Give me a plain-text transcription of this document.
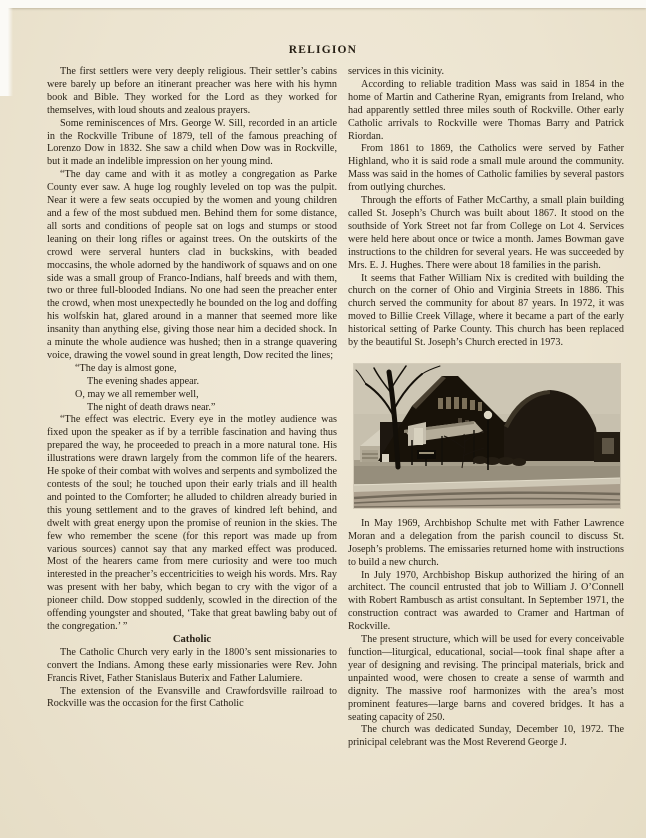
RELIGION

The first settlers were very deeply religious. Their settler’s cabins were barely up before an itinerant preacher was here with his hymn book and Bible. They worked for the Lord as they worked for themselves, with loud shouts and zealous prayers.

Some reminiscences of Mrs. George W. Sill, recorded in an article in the Rockville Tribune of 1879, tell of the famous preaching of Lorenzo Dow in 1832. She saw a child when Dow was in Rockville, but it made an indelible impression on her young mind.

“The day came and with it as motley a congregation as Parke County ever saw. A huge log roughly leveled on top was the pulpit. Near it were a few seats occupied by the women and young children and a few of the most subdued men. Behind them for some distance, all sorts and conditions of people sat on logs and stumps or stood leaning on their long rifles or against trees. On the outskirts of the crowd were serveral hunters clad in buckskins, with beaded moccasins, the whole adorned by the handiwork of squaws and on one side was a small group of Franco-Indians, half breeds and with them, two or three full-blooded Indians. No one had seen the preacher enter the crowd, when most unexpectedly he bounded on the log and doffing his wolfskin hat, glared around in a manner that seemed more like insanity than anything else, giving those near him a decided shock. In a minute the whole audience was hushed; then in a strange quavering voice, drawing the vowel sound in great length, Dow recited the lines;

“The day is almost gone,
The evening shades appear.
O, may we all remember well,
The night of death draws near.”

“The effect was electric. Every eye in the motley audience was fixed upon the speaker as if by a terrible fascination and having thus prepared the way, he proceeded to preach in a more natural tone. His illustrations were drawn largely from the common life of the hearers. He spoke of their combat with wolves and serpents and symbolized the contests of the soul; he touched upon their early trials and ill health and pointed to the Comforter; he alluded to children already buried in this young settlement and to the graves of kindred left behind, and dwelt with great energy upon the promise of reunion in the skies. The few who remember the scene (for this report was made up from various sources) cannot say that any marked effect was produced. Most of the hearers came from mere curiosity and were too much interested in the preacher’s eccentricities to weigh his words. Mrs. Ray was present with her baby, which began to cry with the vigor of a pioneer child. Dow stopped suddenly, scowled in the direction of the offending youngster and shouted, ‘Take that great bawling baby out of the congregation.’ ”

Catholic

The Catholic Church very early in the 1800’s sent missionaries to convert the Indians. Among these early missionaries were Rev. John Francis Rivet, Father Stanislaus Buterix and Father Lalumiere.

The extension of the Evansville and Crawfordsville railroad to Rockville was the occasion for the first Catholic

services in this vicinity.

According to reliable tradition Mass was said in 1854 in the home of Martin and Catherine Ryan, emigrants from Ireland, who had apparently settled three miles south of Rockville. Other early Catholic arrivals to Rockville were Thomas Barry and Patrick Riordan.

From 1861 to 1869, the Catholics were served by Father Highland, who it is said rode a small mule around the community. Mass was said in the homes of Catholic families by several pastors from outlying churches.

Through the efforts of Father McCarthy, a small plain building called St. Joseph’s Church was built about 1867. It stood on the southside of York Street not far from College on Lot 4. Services were held here about once or twice a month. James Bowman gave instructions to the children for several years. He was succeeded by Mrs. E. J. Hughes. There were about 18 families in the parish.

It seems that Father William Nix is credited with building the church on the corner of Ohio and Virginia Streets in 1886. This church served the community for about 87 years. In 1972, it was moved to Billie Creek Village, where it became a part of the early historical setting of Parke County. This church has been replaced by the beautiful St. Joseph’s Church erected in 1973.

In May 1969, Archbishop Schulte met with Father Lawrence Moran and a delegation from the parish council to discuss St. Joseph’s problems. The emissaries returned home with instructions to build a new church.

In July 1970, Archbishop Biskup authorized the hiring of an architect. The council entrusted that job to William J. O’Connell with Robert Rambusch as artist consultant. In September 1971, the construction contract was awarded to Cramer and Hartman of Rockville.

The present structure, which will be used for every conceivable function—liturgical, educational, social—took final shape after a year of designing and revising. The principal materials, brick and unpainted wood, were chosen to create a sense of warmth and dignity. The massive roof harmonizes with the area’s most prominent features—large barns and covered bridges. It has a seating capacity of 250.

The church was dedicated Sunday, December 10, 1972. The prinicipal celebrant was the Most Reverend George J.
